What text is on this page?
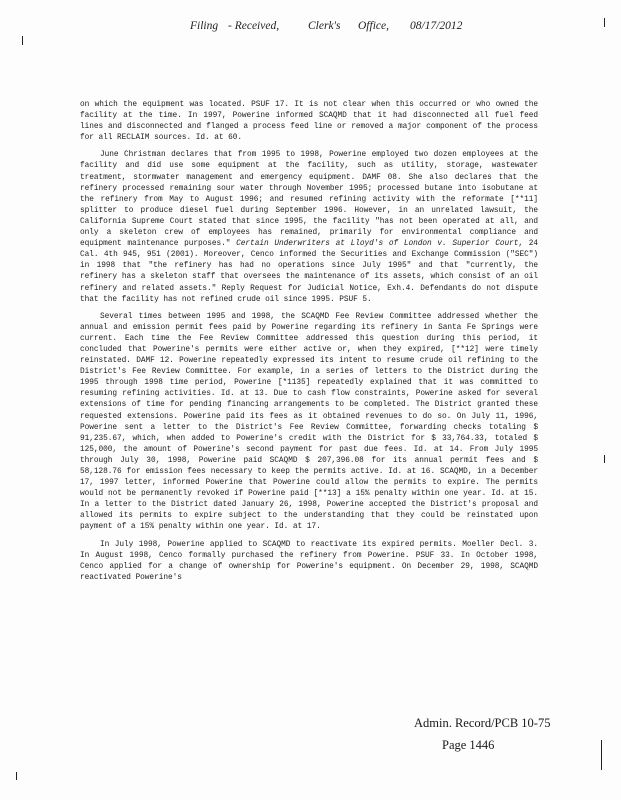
Filing - Received,	Clerk's Office, 08/17/2012

on which the equipment was located. PSUF 17. It is not clear when this occurred or who owned the facility at the time. In 1997, Powerine informed SCAQMD that it had disconnected all fuel feed lines and disconnected and flanged a process feed line or removed a major component of the process for all RECLAIM sources. Id. at 60.

June Christman declares that from 1995 to 1998, Powerine employed two dozen employees at the facility and did use some equipment at the facility, such as utility, storage, wastewater treatment, stormwater management and emergency equipment. DAMF 08. She also declares that the refinery processed remaining sour water through November 1995; processed butane into isobutane at the refinery from May to August 1996; and resumed refining activity with the reformate [**11] splitter to produce diesel fuel during September 1996. However, in an unrelated lawsuit, the California Supreme Court stated that since 1995, the facility "has not been operated at all, and only a skeleton crew of employees has remained, primarily for environmental compliance and equipment maintenance purposes." Certain Underwriters at Lloyd's of London v. Superior Court, 24 Cal. 4th 945, 951 (2001). Moreover, Cenco informed the Securities and Exchange Commission ("SEC") in 1998 that "the refinery has had no operations since July 1995" and that "currently, the refinery has a skeleton staff that oversees the maintenance of its assets, which consist of an oil refinery and related assets." Reply Request for Judicial Notice, Exh.4. Defendants do not dispute that the facility has not refined crude oil since 1995. PSUF 5.

Several times between 1995 and 1998, the SCAQMD Fee Review Committee addressed whether the annual and emission permit fees paid by Powerine regarding its refinery in Santa Fe Springs were current. Each time the Fee Review Committee addressed this question during this period, it concluded that Powerine's permits were either active or, when they expired, [**12] were timely reinstated. DAMF 12. Powerine repeatedly expressed its intent to resume crude oil refining to the District's Fee Review Committee. For example, in a series of letters to the District during the 1995 through 1998 time period, Powerine [*1135] repeatedly explained that it was committed to resuming refining activities. Id. at 13. Due to cash flow constraints, Powerine asked for several extensions of time for pending financing arrangements to be completed. The District granted these requested extensions. Powerine paid its fees as it obtained revenues to do so. On July 11, 1996, Powerine sent a letter to the District's Fee Review Committee, forwarding checks totaling $ 91,235.67, which, when added to Powerine's credit with the District for $ 33,764.33, totaled $ 125,000, the amount of Powerine's second payment for past due fees. Id. at 14. From July 1995 through July 30, 1998, Powerine paid SCAQMD $ 207,396.08 for its annual permit fees and $ 58,128.76 for emission fees necessary to keep the permits active. Id. at 16. SCAQMD, in a December 17, 1997 letter, informed Powerine that Powerine could allow the permits to expire. The permits would not be permanently revoked if Powerine paid [**13] a 15% penalty within one year. Id. at 15. In a letter to the District dated January 26, 1998, Powerine accepted the District's proposal and allowed its permits to expire subject to the understanding that they could be reinstated upon payment of a 15% penalty within one year. Id. at 17.

In July 1998, Powerine applied to SCAQMD to reactivate its expired permits. Moeller Decl. 3. In August 1998, Cenco formally purchased the refinery from Powerine. PSUF 33. In October 1998, Cenco applied for a change of ownership for Powerine's equipment. On December 29, 1998, SCAQMD reactivated Powerine's

Admin. Record/PCB 10-75
Page 1446
